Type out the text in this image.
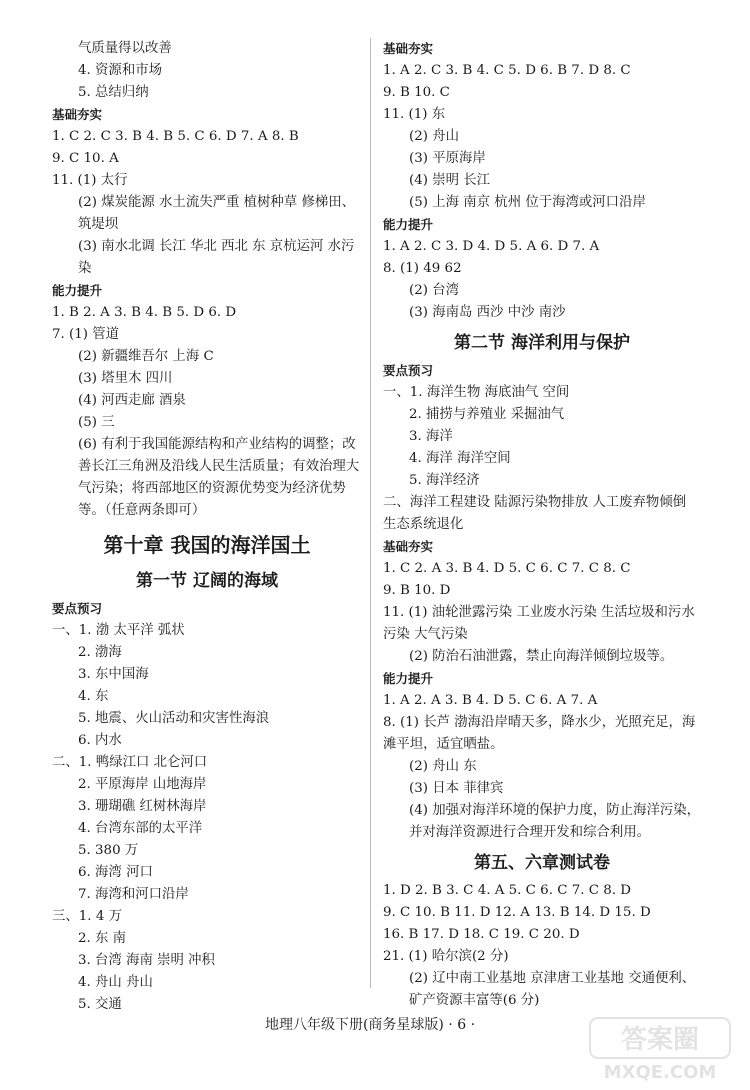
气质量得以改善
4. 资源和市场
5. 总结归纳
基础夯实
1. C 2. C 3. B 4. B 5. C 6. D 7. A 8. B
9. C 10. A
11. (1) 太行
(2) 煤炭能源 水土流失严重 植树种草 修梯田、筑堤坝
(3) 南水北调 长江 华北 西北 东 京杭运河 水污染
能力提升
1. B 2. A 3. B 4. B 5. D 6. D
7. (1) 管道
(2) 新疆维吾尔 上海 C
(3) 塔里木 四川
(4) 河西走廊 酒泉
(5) 三
(6) 有利于我国能源结构和产业结构的调整；改善长江三角洲及沿线人民生活质量；有效治理大气污染；将西部地区的资源优势变为经济优势等。（任意两条即可）
第十章 我国的海洋国土
第一节 辽阔的海域
要点预习
一、1. 渤 太平洋 弧状
2. 渤海
3. 东中国海
4. 东
5. 地震、火山活动和灾害性海浪
6. 内水
二、1. 鸭绿江口 北仑河口
2. 平原海岸 山地海岸
3. 珊瑚礁 红树林海岸
4. 台湾东部的太平洋
5. 380 万
6. 海湾 河口
7. 海湾和河口沿岸
三、1. 4 万
2. 东 南
3. 台湾 海南 崇明 冲积
4. 舟山 舟山
5. 交通
基础夯实
1. A 2. C 3. B 4. C 5. D 6. B 7. D 8. C
9. B 10. C
11. (1) 东
(2) 舟山
(3) 平原海岸
(4) 崇明 长江
(5) 上海 南京 杭州 位于海湾或河口沿岸
能力提升
1. A 2. C 3. D 4. D 5. A 6. D 7. A
8. (1) 49 62
(2) 台湾
(3) 海南岛 西沙 中沙 南沙
第二节 海洋利用与保护
要点预习
一、1. 海洋生物 海底油气 空间
2. 捕捞与养殖业 采掘油气
3. 海洋
4. 海洋 海洋空间
5. 海洋经济
二、海洋工程建设 陆源污染物排放 人工废弃物倾倒 生态系统退化
基础夯实
1. C 2. A 3. B 4. D 5. C 6. C 7. C 8. C
9. B 10. D
11. (1) 油轮泄露污染 工业废水污染 生活垃圾和污水污染 大气污染
(2) 防治石油泄露，禁止向海洋倾倒垃圾等。
能力提升
1. A 2. A 3. B 4. D 5. C 6. A 7. A
8. (1) 长芦 渤海沿岸晴天多，降水少，光照充足，海滩平坦，适宜晒盐。
(2) 舟山 东
(3) 日本 菲律宾
(4) 加强对海洋环境的保护力度，防止海洋污染，并对海洋资源进行合理开发和综合利用。
第五、六章测试卷
1. D 2. B 3. C 4. A 5. C 6. C 7. C 8. D
9. C 10. B 11. D 12. A 13. B 14. D 15. D
16. B 17. D 18. C 19. C 20. D
21. (1) 哈尔滨(2 分)
(2) 辽中南工业基地 京津唐工业基地 交通便利、矿产资源丰富等(6 分)
地理八年级下册(商务星球版) · 6 ·	答案圈
MXQE.COM
